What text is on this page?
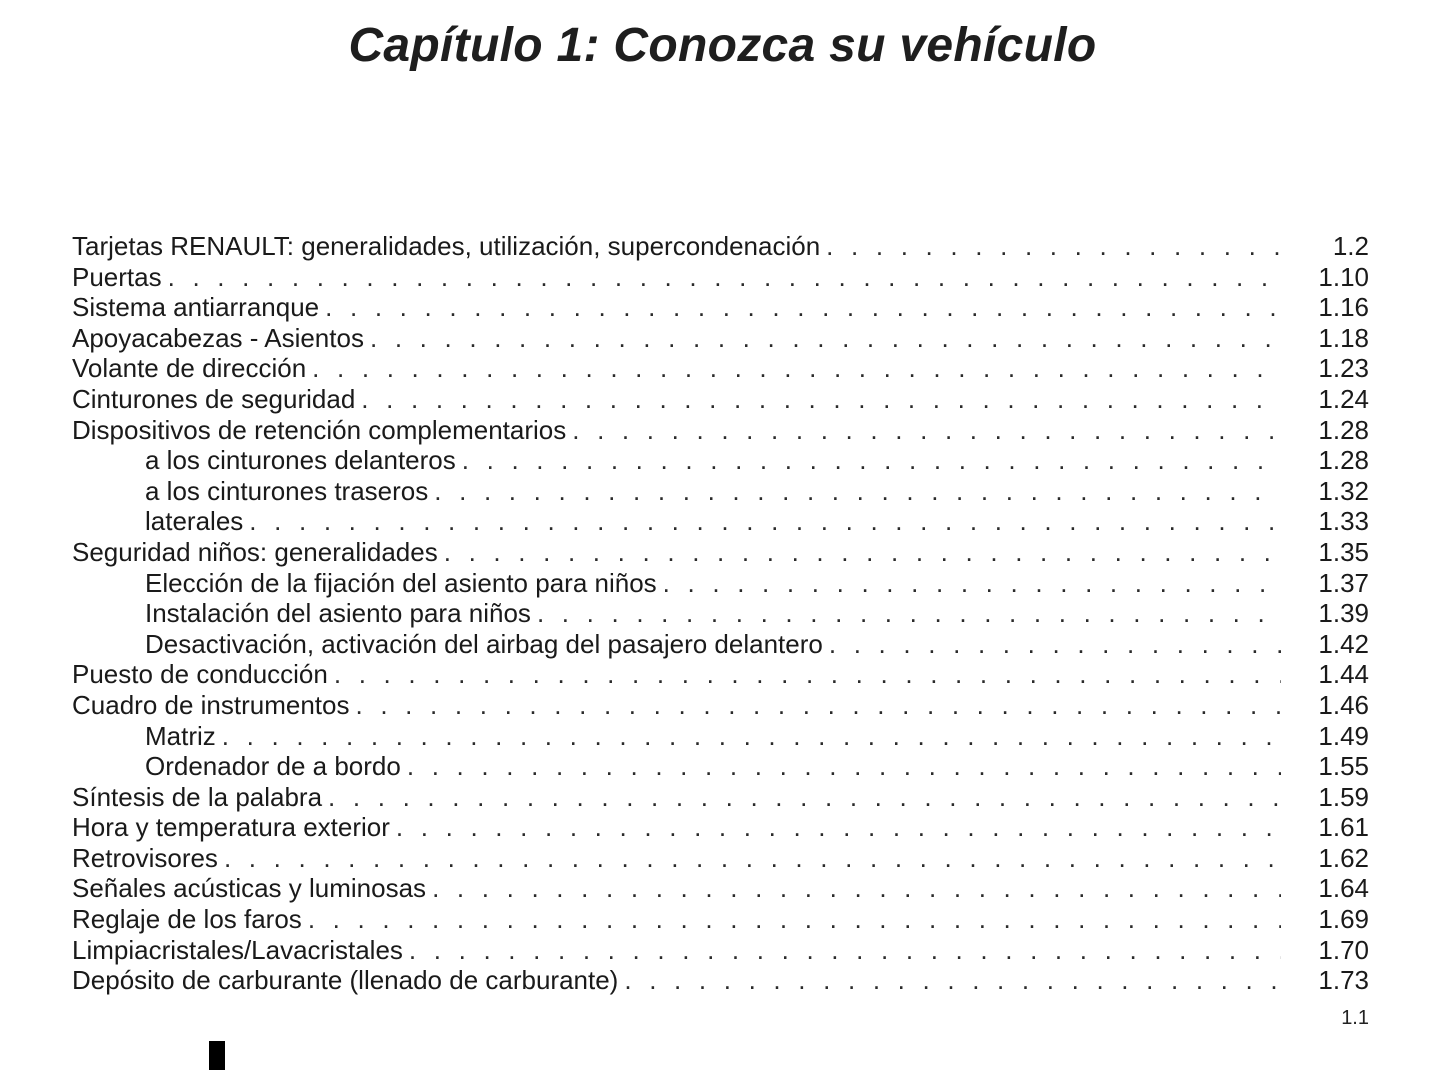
Capítulo 1: Conozca su vehículo
Tarjetas RENAULT: generalidades, utilización, supercondenación . . .	1.2
Puertas . . .	1.10
Sistema antiarranque . . .	1.16
Apoyacabezas - Asientos . . .	1.18
Volante de dirección . . .	1.23
Cinturones de seguridad . . .	1.24
Dispositivos de retención complementarios . . .	1.28
a los cinturones delanteros . . .	1.28
a los cinturones traseros . . .	1.32
laterales . . .	1.33
Seguridad niños: generalidades . . .	1.35
Elección de la fijación del asiento para niños . . .	1.37
Instalación del asiento para niños . . .	1.39
Desactivación, activación del airbag del pasajero delantero . . .	1.42
Puesto de conducción . . .	1.44
Cuadro de instrumentos . . .	1.46
Matriz . . .	1.49
Ordenador de a bordo . . .	1.55
Síntesis de la palabra . . .	1.59
Hora y temperatura exterior . . .	1.61
Retrovisores . . .	1.62
Señales acústicas y luminosas . . .	1.64
Reglaje de los faros . . .	1.69
Limpiacristales/Lavacristales . . .	1.70
Depósito de carburante (llenado de carburante) . . .	1.73
1.1
